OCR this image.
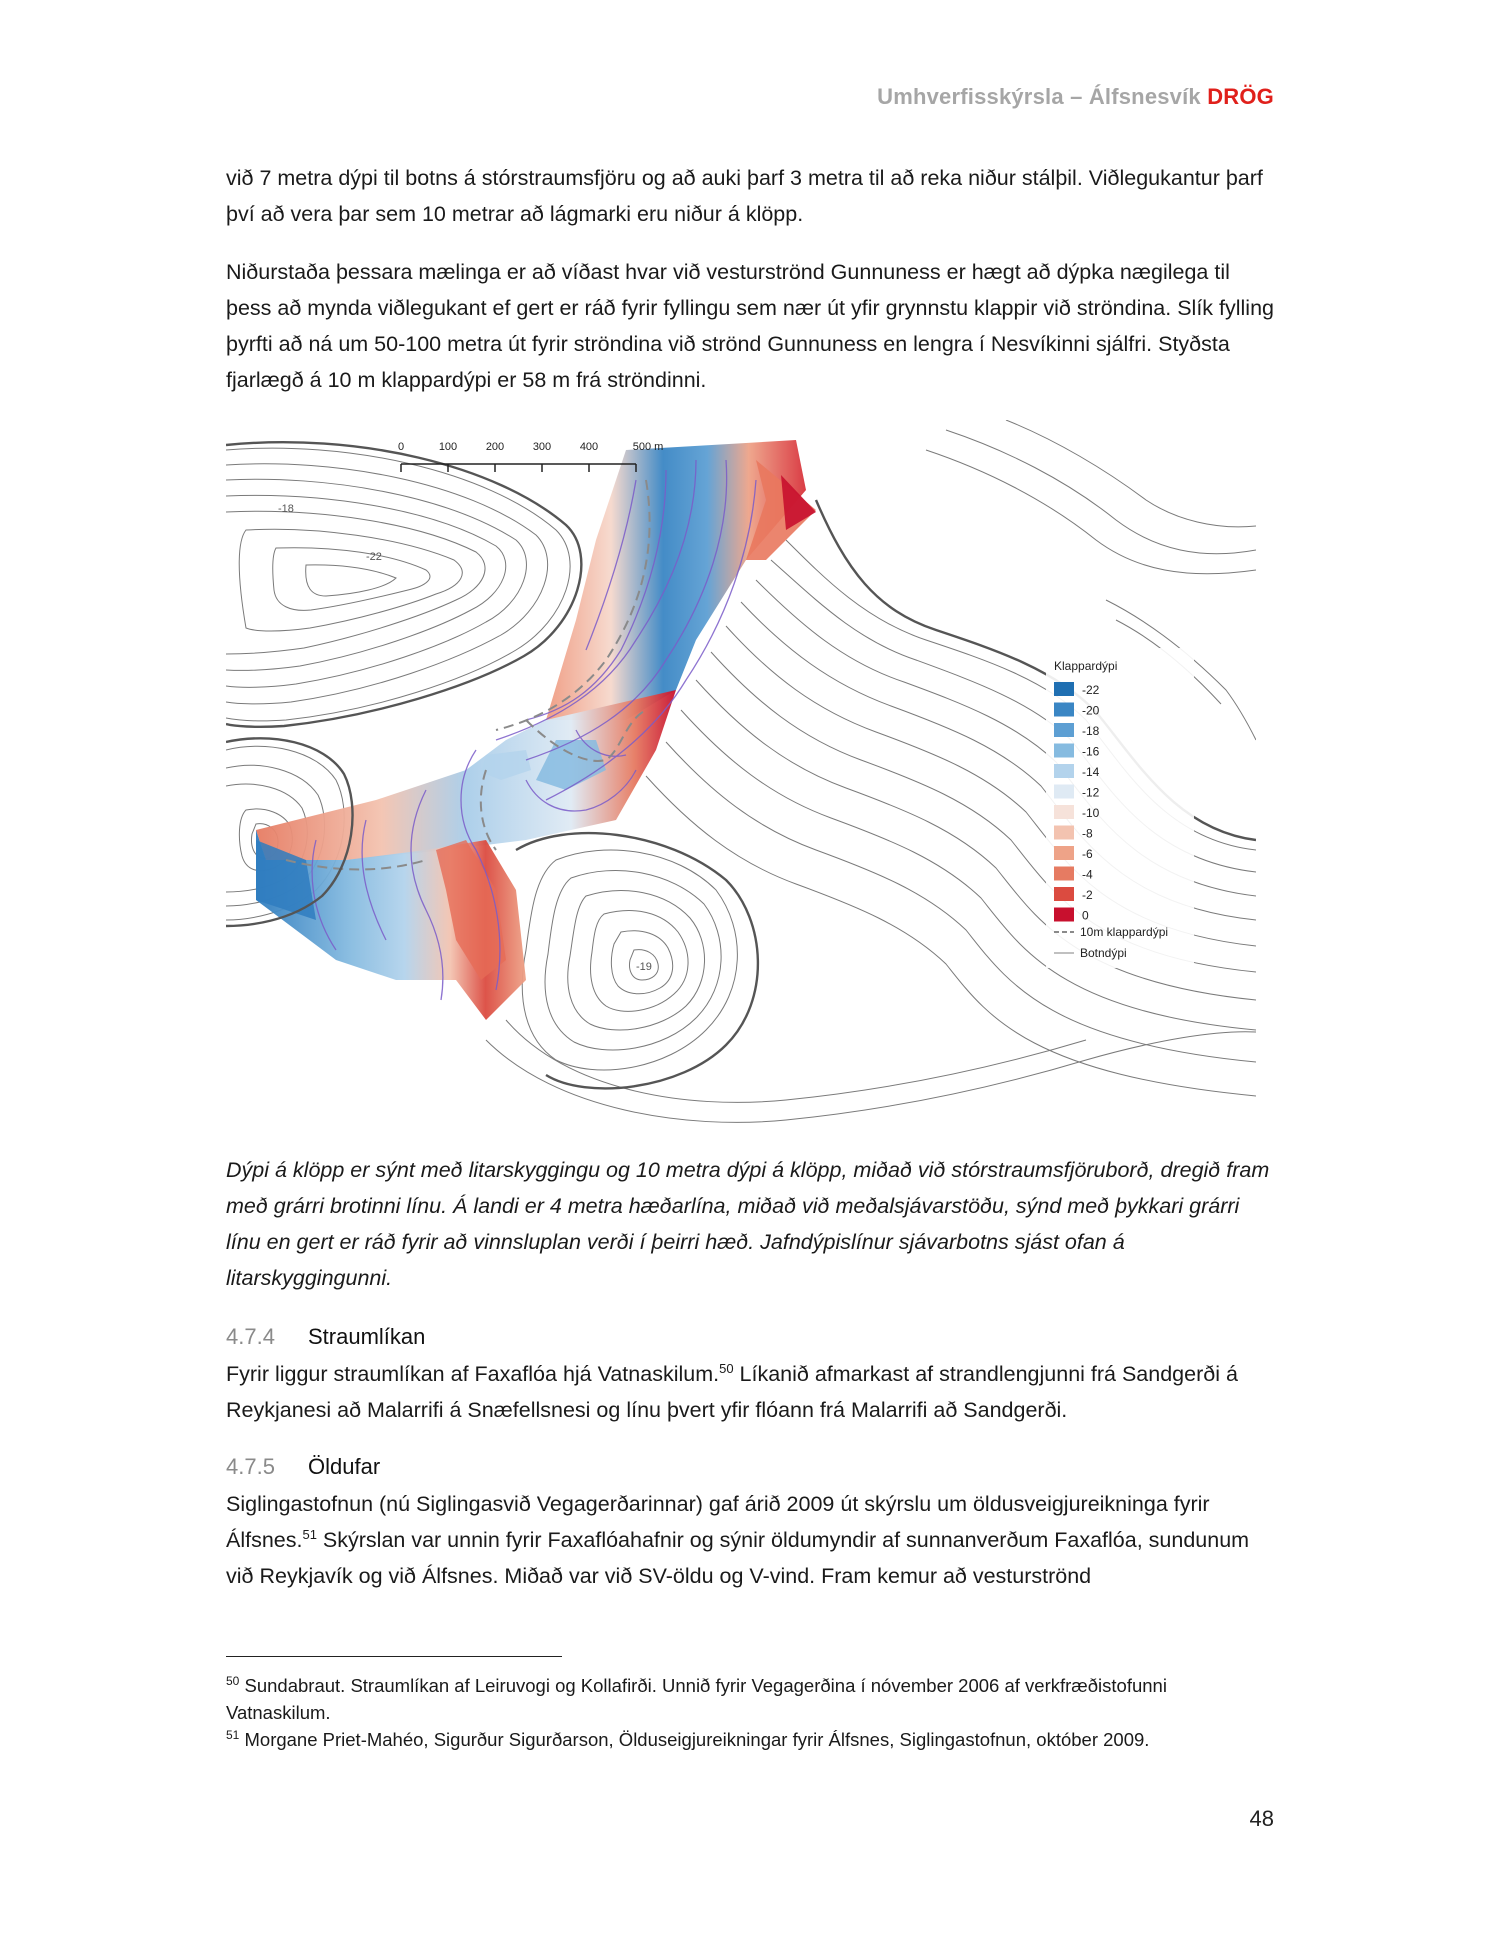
Umhverfisskýrsla – Álfsnesvík DRÖG

við 7 metra dýpi til botns á stórstraumsfjöru og að auki þarf 3 metra til að reka niður stálþil. Viðlegukantur þarf því að vera þar sem 10 metrar að lágmarki eru niður á klöpp.

Niðurstaða þessara mælinga er að víðast hvar við vesturströnd Gunnuness er hægt að dýpka nægilega til þess að mynda viðlegukant ef gert er ráð fyrir fyllingu sem nær út yfir grynnstu klappir við ströndina. Slík fylling þyrfti að ná um 50-100 metra út fyrir ströndina við strönd Gunnuness en lengra í Nesvíkinni sjálfri. Styðsta fjarlægð á 10 m klappardýpi er 58 m frá ströndinni.

0	100	200	300	400	500 m
-18
-22
-19
Klappardýpi
-22
-20
-18
-16
-14
-12
-10
-8
-6
-4
-2
0
10m klappardýpi
Botndýpi

Dýpi á klöpp er sýnt með litarskyggingu og 10 metra dýpi á klöpp, miðað við stórstraumsfjöruborð, dregið fram með grárri brotinni línu. Á landi er 4 metra hæðarlína, miðað við meðalsjávarstöðu, sýnd með þykkari grárri línu en gert er ráð fyrir að vinnsluplan verði í þeirri hæð. Jafndýpislínur sjávarbotns sjást ofan á litarskyggingunni.

4.7.4 Straumlíkan

Fyrir liggur straumlíkan af Faxaflóa hjá Vatnaskilum.$^{50}$ Líkanið afmarkast af strandlengjunni frá Sandgerði á Reykjanesi að Malarrifi á Snæfellsnesi og línu þvert yfir flóann frá Malarrifi að Sandgerði.

4.7.5 Öldufar

Siglingastofnun (nú Siglingasvið Vegagerðarinnar) gaf árið 2009 út skýrslu um öldusveigjureikninga fyrir Álfsnes.$^{51}$ Skýrslan var unnin fyrir Faxaflóahafnir og sýnir öldumyndir af sunnanverðum Faxaflóa, sundunum við Reykjavík og við Álfsnes. Miðað var við SV-öldu og V-vind. Fram kemur að vesturströnd

$^{50}$ Sundabraut. Straumlíkan af Leiruvogi og Kollafirði. Unnið fyrir Vegagerðina í nóvember 2006 af verkfræðistofunni Vatnaskilum.

$^{51}$ Morgane Priet-Mahéo, Sigurður Sigurðarson, Ölduseigjureikningar fyrir Álfsnes, Siglingastofnun, október 2009.

48
